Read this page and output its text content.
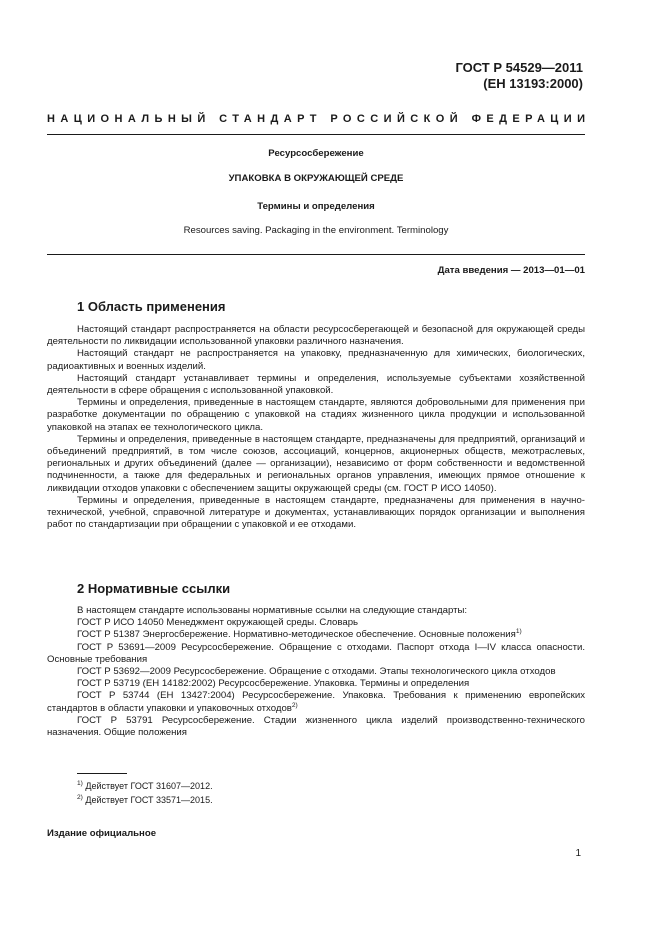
ГОСТ Р 54529—2011
(ЕН 13193:2000)
НАЦИОНАЛЬНЫЙ СТАНДАРТ РОССИЙСКОЙ ФЕДЕРАЦИИ
Ресурсосбережение
УПАКОВКА В ОКРУЖАЮЩЕЙ СРЕДЕ
Термины и определения
Resources saving. Packaging in the environment. Terminology
Дата введения — 2013—01—01
1 Область применения

Настоящий стандарт распространяется на области ресурсосберегающей и безопасной для окружающей среды деятельности по ликвидации использованной упаковки различного назначения.

Настоящий стандарт не распространяется на упаковку, предназначенную для химических, биологических, радиоактивных и военных изделий.

Настоящий стандарт устанавливает термины и определения, используемые субъектами хозяйственной деятельности в сфере обращения с использованной упаковкой.

Термины и определения, приведенные в настоящем стандарте, являются добровольными для применения при разработке документации по обращению с упаковкой на стадиях жизненного цикла продукции и использованной упаковкой на этапах ее технологического цикла.

Термины и определения, приведенные в настоящем стандарте, предназначены для предприятий, организаций и объединений предприятий, в том числе союзов, ассоциаций, концернов, акционерных обществ, межотраслевых, региональных и других объединений (далее — организации), независимо от форм собственности и ведомственной подчиненности, а также для федеральных и региональных органов управления, имеющих прямое отношение к ликвидации отходов упаковки с обеспечением защиты окружающей среды (см. ГОСТ Р ИСО 14050).

Термины и определения, приведенные в настоящем стандарте, предназначены для применения в научно-технической, учебной, справочной литературе и документах, устанавливающих порядок организации и выполнения работ по стандартизации при обращении с упаковкой и ее отходами.

2 Нормативные ссылки

В настоящем стандарте использованы нормативные ссылки на следующие стандарты:

ГОСТ Р ИСО 14050 Менеджмент окружающей среды. Словарь

ГОСТ Р 51387 Энергосбережение. Нормативно-методическое обеспечение. Основные положения$^{1)}$

ГОСТ Р 53691—2009 Ресурсосбережение. Обращение с отходами. Паспорт отхода I—IV класса опасности. Основные требования

ГОСТ Р 53692—2009 Ресурсосбережение. Обращение с отходами. Этапы технологического цикла отходов

ГОСТ Р 53719 (ЕН 14182:2002) Ресурсосбережение. Упаковка. Термины и определения

ГОСТ Р 53744 (ЕН 13427:2004) Ресурсосбережение. Упаковка. Требования к применению европейских стандартов в области упаковки и упаковочных отходов$^{2)}$

ГОСТ Р 53791 Ресурсосбережение. Стадии жизненного цикла изделий производственно-технического назначения. Общие положения

$^{1)}$ Действует ГОСТ 31607—2012.
$^{2)}$ Действует ГОСТ 33571—2015.
Издание официальное
1
